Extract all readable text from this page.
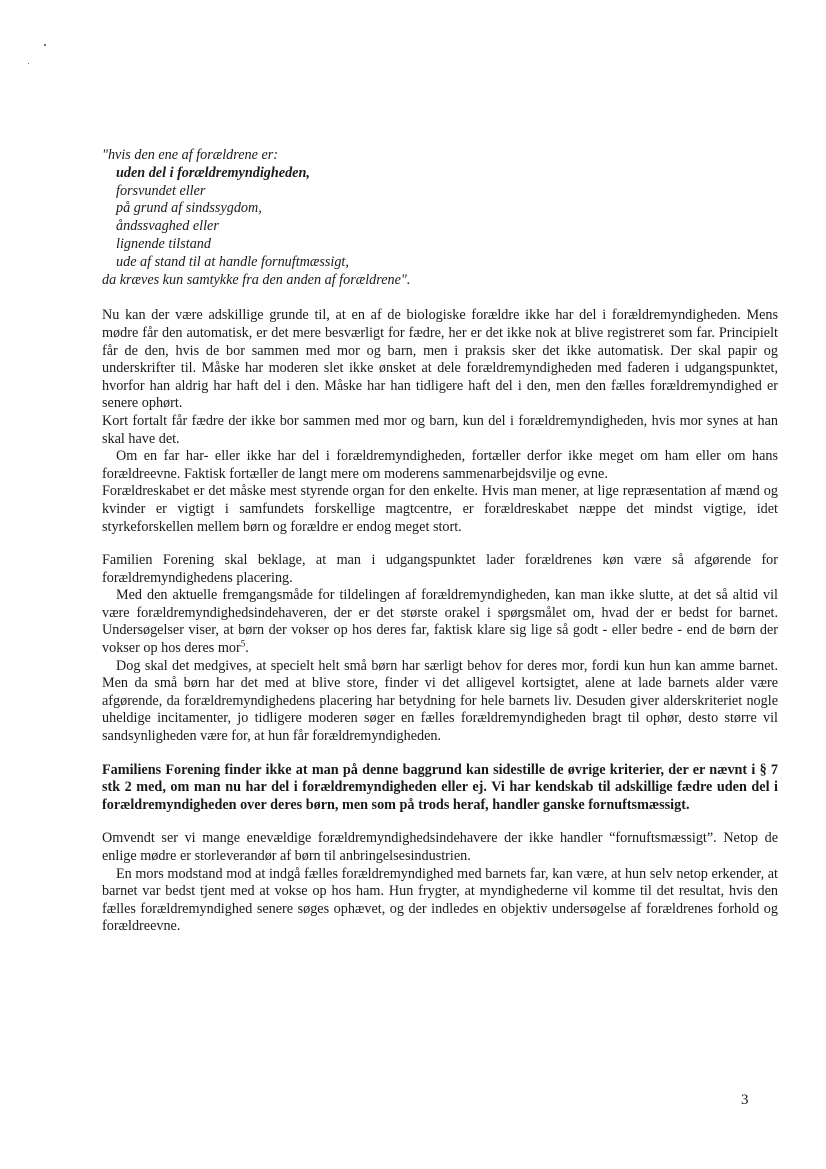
"hvis den ene af forældrene er:
uden del i forældremyndigheden,
forsvundet eller
på grund af sindssygdom,
åndssvaghed eller
lignende tilstand
ude af stand til at handle fornuftmæssigt,
da kræves kun samtykke fra den anden af forældrene".

Nu kan der være adskillige grunde til, at en af de biologiske forældre ikke har del i forældremyndigheden. Mens mødre får den automatisk, er det mere besværligt for fædre, her er det ikke nok at blive registreret som far. Principielt får de den, hvis de bor sammen med mor og barn, men i praksis sker det ikke automatisk. Der skal papir og underskrifter til. Måske har moderen slet ikke ønsket at dele forældremyndigheden med faderen i udgangspunktet, hvorfor han aldrig har haft del i den. Måske har han tidligere haft del i den, men den fælles forældremyndighed er senere ophørt.

Kort fortalt får fædre der ikke bor sammen med mor og barn, kun del i forældremyndigheden, hvis mor synes at han skal have det.

Om en far har- eller ikke har del i forældremyndigheden, fortæller derfor ikke meget om ham eller om hans forældreevne. Faktisk fortæller de langt mere om moderens sammenarbejdsvilje og evne.

Forældreskabet er det måske mest styrende organ for den enkelte. Hvis man mener, at lige repræsentation af mænd og kvinder er vigtigt i samfundets forskellige magtcentre, er forældreskabet næppe det mindst vigtige, idet styrkeforskellen mellem børn og forældre er endog meget stort.

Familien Forening skal beklage, at man i udgangspunktet lader forældrenes køn være så afgørende for forældremyndighedens placering.

Med den aktuelle fremgangsmåde for tildelingen af forældremyndigheden, kan man ikke slutte, at det så altid vil være forældremyndighedsindehaveren, der er det største orakel i spørgsmålet om, hvad der er bedst for barnet. Undersøgelser viser, at børn der vokser op hos deres far, faktisk klare sig lige så godt - eller bedre - end de børn der vokser op hos deres mor$^5$.

Dog skal det medgives, at specielt helt små børn har særligt behov for deres mor, fordi kun hun kan amme barnet. Men da små børn har det med at blive store, finder vi det alligevel kortsigtet, alene at lade barnets alder være afgørende, da forældremyndighedens placering har betydning for hele barnets liv. Desuden giver alderskriteriet nogle uheldige incitamenter, jo tidligere moderen søger en fælles forældremyndigheden bragt til ophør, desto større vil sandsynligheden være for, at hun får forældremyndigheden.

Familiens Forening finder ikke at man på denne baggrund kan sidestille de øvrige kriterier, der er nævnt i § 7 stk 2 med, om man nu har del i forældremyndigheden eller ej. Vi har kendskab til adskillige fædre uden del i forældremyndigheden over deres børn, men som på trods heraf, handler ganske fornuftsmæssigt.

Omvendt ser vi mange enevældige forældremyndighedsindehavere der ikke handler “fornuftsmæssigt”. Netop de enlige mødre er storleverandør af børn til anbringelsesindustrien.

En mors modstand mod at indgå fælles forældremyndighed med barnets far, kan være, at hun selv netop erkender, at barnet var bedst tjent med at vokse op hos ham. Hun frygter, at myndighederne vil komme til det resultat, hvis den fælles forældremyndighed senere søges ophævet, og der indledes en objektiv undersøgelse af forældrenes forhold og forældreevne.

3
